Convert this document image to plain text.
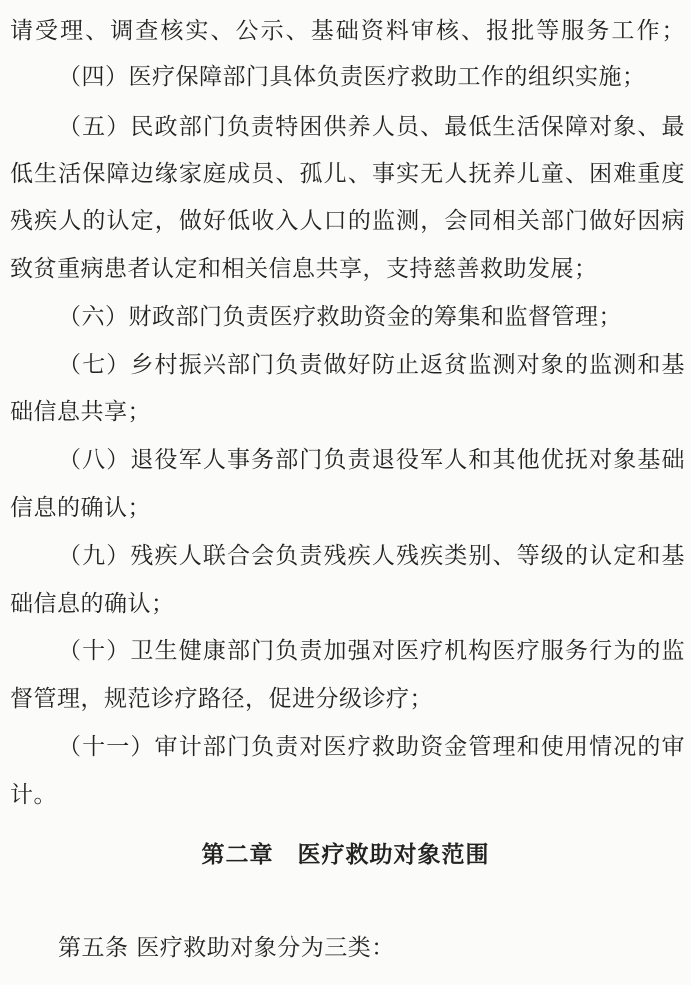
请受理、调查核实、公示、基础资料审核、报批等服务工作；
（四）医疗保障部门具体负责医疗救助工作的组织实施；
（五）民政部门负责特困供养人员、最低生活保障对象、最
低生活保障边缘家庭成员、孤儿、事实无人抚养儿童、困难重度
残疾人的认定，做好低收入人口的监测，会同相关部门做好因病
致贫重病患者认定和相关信息共享，支持慈善救助发展；
（六）财政部门负责医疗救助资金的筹集和监督管理；
（七）乡村振兴部门负责做好防止返贫监测对象的监测和基
础信息共享；
（八）退役军人事务部门负责退役军人和其他优抚对象基础
信息的确认；
（九）残疾人联合会负责残疾人残疾类别、等级的认定和基
础信息的确认；
（十）卫生健康部门负责加强对医疗机构医疗服务行为的监
督管理，规范诊疗路径，促进分级诊疗；
（十一）审计部门负责对医疗救助资金管理和使用情况的审
计。
第二章　医疗救助对象范围
第五条 医疗救助对象分为三类：
